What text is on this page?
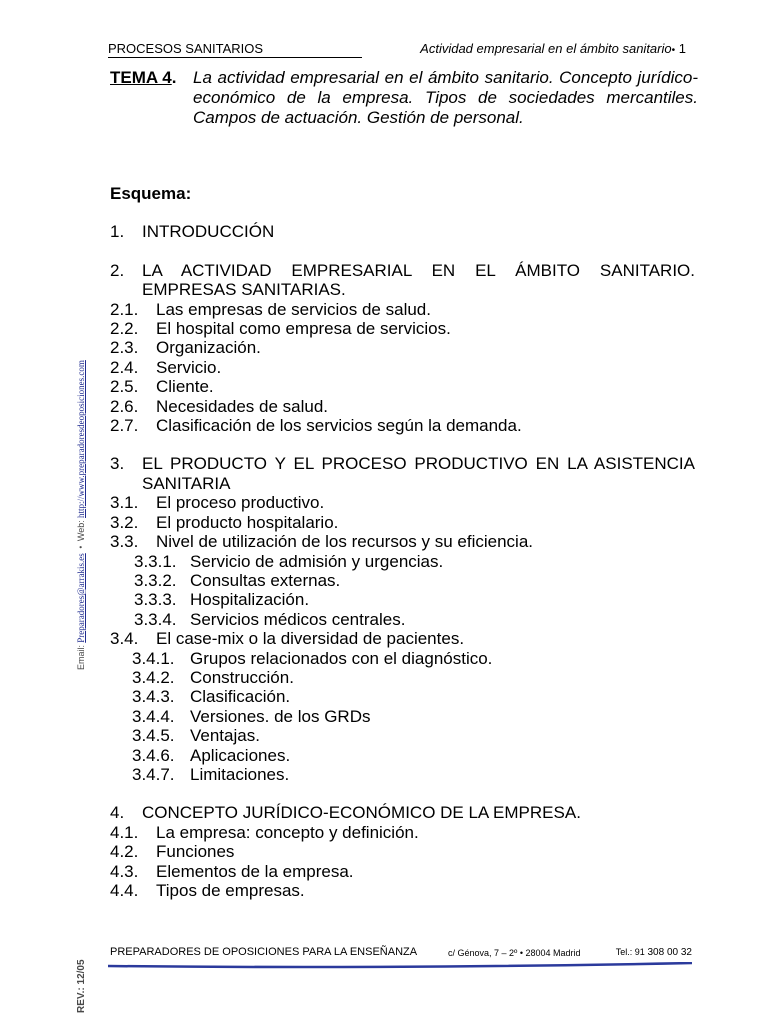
PROCESOS SANITARIOS	Actividad empresarial en el ámbito sanitario• 1
TEMA 4. La actividad empresarial en el ámbito sanitario. Concepto jurídico-económico de la empresa. Tipos de sociedades mercantiles. Campos de actuación. Gestión de personal.
Esquema:
1. INTRODUCCIÓN
2. LA ACTIVIDAD EMPRESARIAL EN EL ÁMBITO SANITARIO. EMPRESAS SANITARIAS.
2.1. Las empresas de servicios de salud.
2.2. El hospital como empresa de servicios.
2.3. Organización.
2.4. Servicio.
2.5. Cliente.
2.6. Necesidades de salud.
2.7. Clasificación de los servicios según la demanda.
3. EL PRODUCTO Y EL PROCESO PRODUCTIVO EN LA ASISTENCIA SANITARIA
3.1. El proceso productivo.
3.2. El producto hospitalario.
3.3. Nivel de utilización de los recursos y su eficiencia.
3.3.1. Servicio de admisión y urgencias.
3.3.2. Consultas externas.
3.3.3. Hospitalización.
3.3.4. Servicios médicos centrales.
3.4. El case-mix o la diversidad de pacientes.
3.4.1. Grupos relacionados con el diagnóstico.
3.4.2. Construcción.
3.4.3. Clasificación.
3.4.4. Versiones. de los GRDs
3.4.5. Ventajas.
3.4.6. Aplicaciones.
3.4.7. Limitaciones.
4. CONCEPTO JURÍDICO-ECONÓMICO DE LA EMPRESA.
4.1. La empresa: concepto y definición.
4.2. Funciones
4.3. Elementos de la empresa.
4.4. Tipos de empresas.
Email: Preparadores@arrakis.es  •  Web: http://www.preparadoresdeoposiciones.com
REV.: 12/05
PREPARADORES DE OPOSICIONES PARA LA ENSEÑANZA	c/ Génova, 7 – 2º • 28004 Madrid	Tel.: 91 308 00 32
